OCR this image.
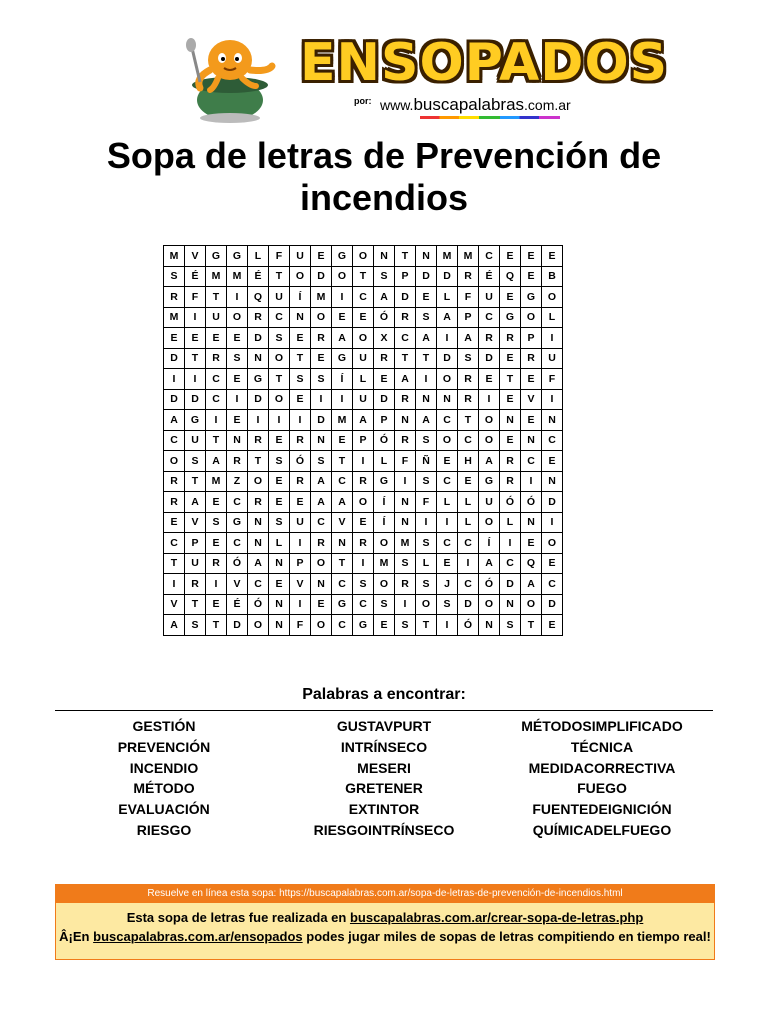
ENSOPADOS
por: www.buscapalabras.com.ar
Sopa de letras de Prevención de incendios
M	V	G	G	L	F	U	E	G	O	N	T	N	M	M	C	E	E	E
S	É	M	M	É	T	O	D	O	T	S	P	D	D	R	É	Q	E	B
R	F	T	I	Q	U	Í	M	I	C	A	D	E	L	F	U	E	G	O
M	I	U	O	R	C	N	O	E	E	Ó	R	S	A	P	C	G	O	L
E	E	E	E	D	S	E	R	A	O	X	C	A	I	A	R	R	P	I
D	T	R	S	N	O	T	E	G	U	R	T	T	D	S	D	E	R	U
I	I	C	E	G	T	S	S	Í	L	E	A	I	O	R	E	T	E	F
D	D	C	I	D	O	E	I	I	U	D	R	N	N	R	I	E	V	I
A	G	I	E	I	I	I	D	M	A	P	N	A	C	T	O	N	E	N
C	U	T	N	R	E	R	N	E	P	Ó	R	S	O	C	O	E	N	C
O	S	A	R	T	S	Ó	S	T	I	L	F	Ñ	E	H	A	R	C	E
R	T	M	Z	O	E	R	A	C	R	G	I	S	C	E	G	R	I	N
R	A	E	C	R	E	E	A	A	O	Í	N	F	L	L	U	Ó	Ó	D
E	V	S	G	N	S	U	C	V	E	Í	N	I	I	L	O	L	N	I
C	P	E	C	N	L	I	R	N	R	O	M	S	C	C	Í	I	E	O
T	U	R	Ó	A	N	P	O	T	I	M	S	L	E	I	A	C	Q	E
I	R	I	V	C	E	V	N	C	S	O	R	S	J	C	Ó	D	A	C
V	T	E	É	Ó	N	I	E	G	C	S	I	O	S	D	O	N	O	D
A	S	T	D	O	N	F	O	C	G	E	S	T	I	Ó	N	S	T	E
Palabras a encontrar:
GESTIÓN
PREVENCIÓN
INCENDIO
MÉTODO
EVALUACIÓN
RIESGO
GUSTAVPURT
INTRÍNSECO
MESERI
GRETENER
EXTINTOR
RIESGOINTRÍNSECO
MÉTODOSIMPLIFICADO
TÉCNICA
MEDIDACORRECTIVA
FUEGO
FUENTEDEIGNICIÓN
QUÍMICADELFUEGO
Resuelve en línea esta sopa: https://buscapalabras.com.ar/sopa-de-letras-de-prevención-de-incendios.html
Esta sopa de letras fue realizada en buscapalabras.com.ar/crear-sopa-de-letras.php
Â¡En buscapalabras.com.ar/ensopados podes jugar miles de sopas de letras compitiendo en tiempo real!
